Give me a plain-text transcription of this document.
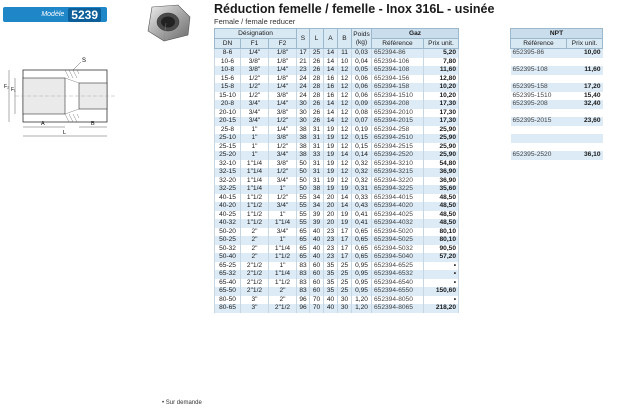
Modèle 5239
F₁
F₂
S
A	B
L
Réduction femelle / femelle - Inox 316L - usinée
Female / female reducer
Désignation			S	L	A	B	Poids
(kg)	Gaz	
DN	F1	F2						Référence	Prix unit.
8-6	1/4"	1/8"	17	25	14	11	0,03	652394-86	5,20
10-6	3/8"	1/8"	21	26	14	10	0,04	652394-106	7,80
10-8	3/8"	1/4"	23	26	14	12	0,05	652394-108	11,60
15-6	1/2"	1/8"	24	28	16	12	0,06	652394-156	12,80
15-8	1/2"	1/4"	24	28	16	12	0,06	652394-158	10,20
15-10	1/2"	3/8"	24	28	16	12	0,06	652394-1510	10,20
20-8	3/4"	1/4"	30	26	14	12	0,09	652394-208	17,30
20-10	3/4"	3/8"	30	26	14	12	0,08	652394-2010	17,30
20-15	3/4"	1/2"	30	26	14	12	0,07	652394-2015	17,30
25-8	1"	1/4"	38	31	19	12	0,19	652394-258	25,90
25-10	1"	3/8"	38	31	19	12	0,15	652394-2510	25,90
25-15	1"	1/2"	38	31	19	12	0,15	652394-2515	25,90
25-20	1"	3/4"	38	33	19	14	0,14	652394-2520	25,90
32-10	1"1/4	3/8"	50	31	19	12	0,32	652394-3210	54,80
32-15	1"1/4	1/2"	50	31	19	12	0,32	652394-3215	36,90
32-20	1"1/4	3/4"	50	31	19	12	0,32	652394-3220	36,90
32-25	1"1/4	1"	50	38	19	19	0,31	652394-3225	35,60
40-15	1"1/2	1/2"	55	34	20	14	0,33	652394-4015	48,50
40-20	1"1/2	3/4"	55	34	20	14	0,43	652394-4020	48,50
40-25	1"1/2	1"	55	39	20	19	0,41	652394-4025	48,50
40-32	1"1/2	1"1/4	55	39	20	19	0,41	652394-4032	48,50
50-20	2"	3/4"	65	40	23	17	0,65	652394-5020	80,10
50-25	2"	1"	65	40	23	17	0,65	652394-5025	80,10
50-32	2"	1"1/4	65	40	23	17	0,65	652394-5032	90,50
50-40	2"	1"1/2	65	40	23	17	0,65	652394-5040	57,20
65-25	2"1/2	1"	83	60	35	25	0,95	652394-6525	•
65-32	2"1/2	1"1/4	83	60	35	25	0,95	652394-6532	•
65-40	2"1/2	1"1/2	83	60	35	25	0,95	652394-6540	•
65-50	2"1/2	2"	83	60	35	25	0,95	652394-6550	150,60
80-50	3"	2"	96	70	40	30	1,20	652394-8050	•
80-65	3"	2"1/2	96	70	40	30	1,20	652394-8065	218,20
NPT	
Référence	Prix unit.
652395-86	10,00

652395-108	11,60

652395-158	17,20
652395-1510	15,40
652395-208	32,40

652395-2015	23,60

652395-2520	36,10
• Sur demande
